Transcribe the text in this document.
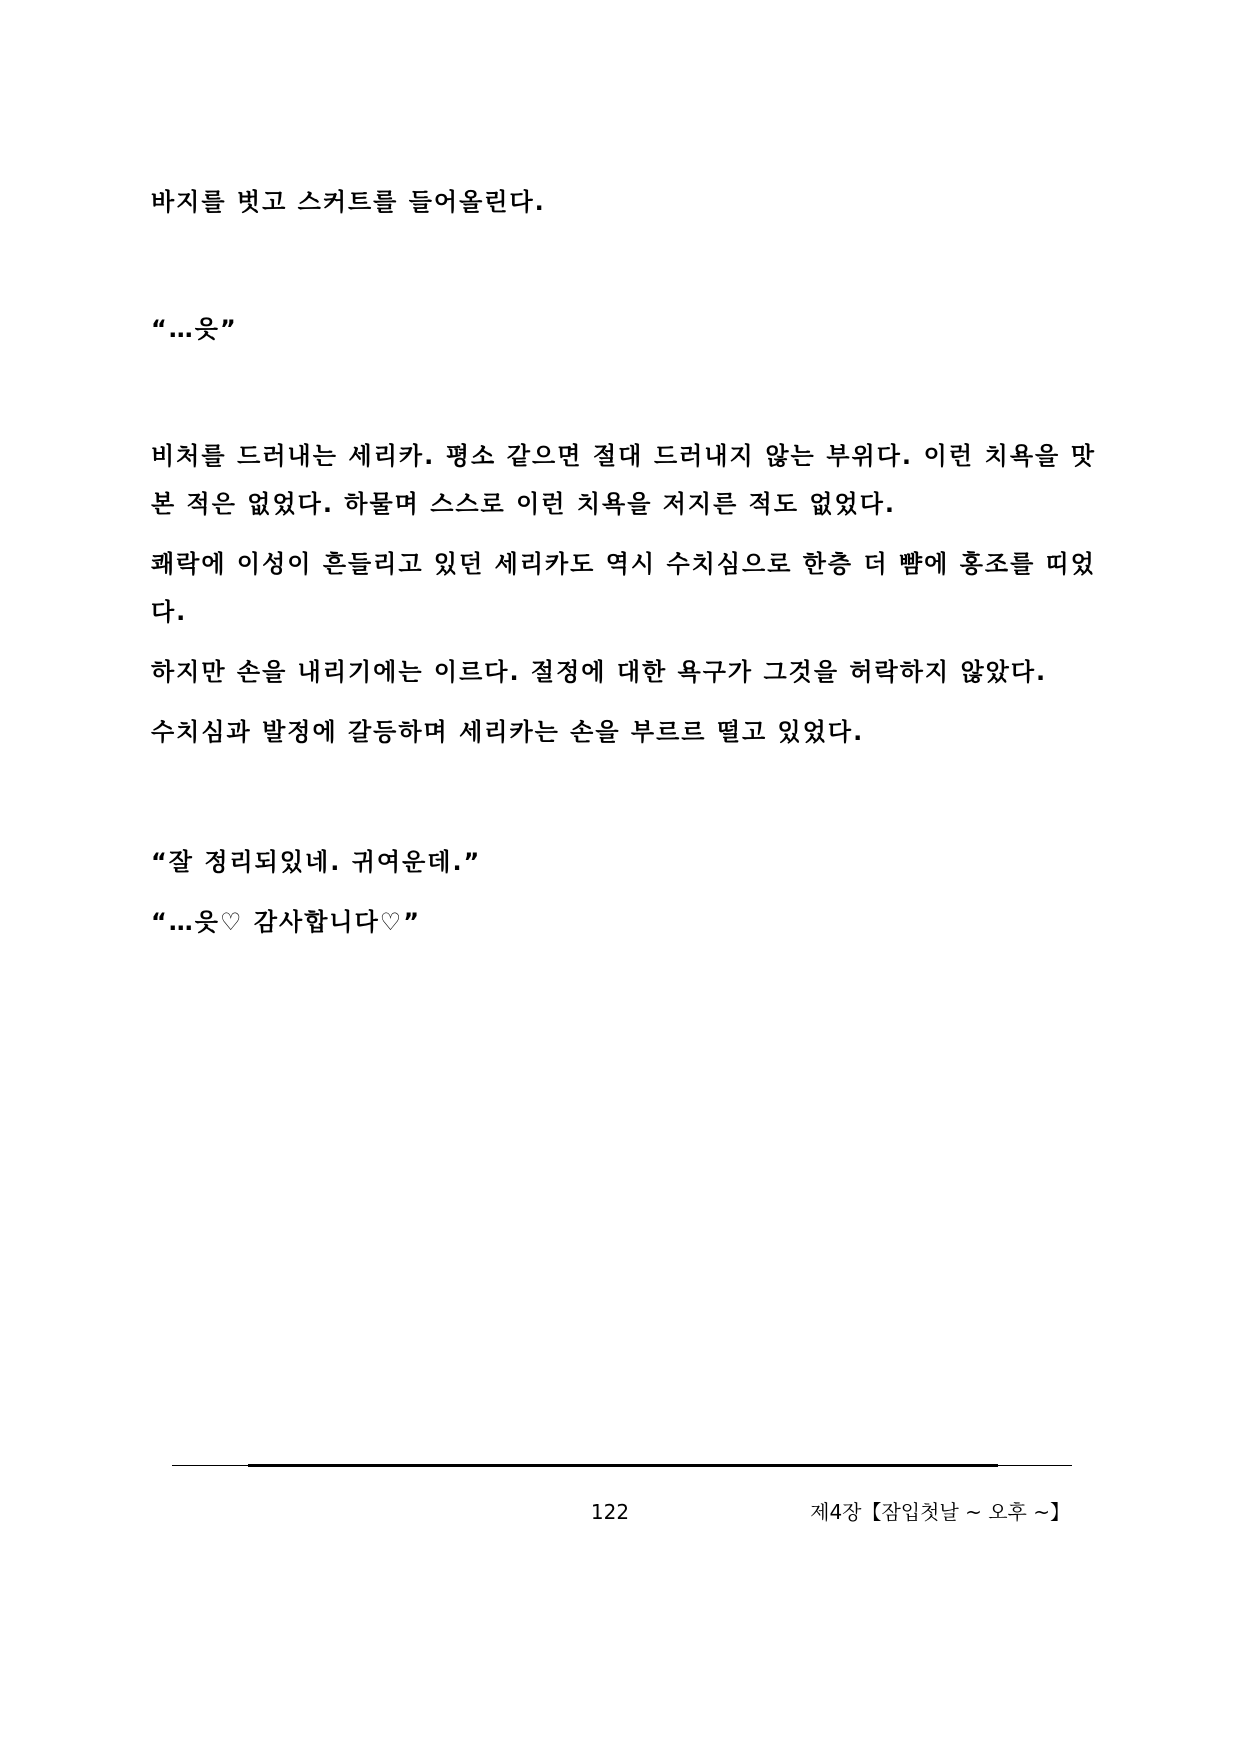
바지를 벗고 스커트를 들어올린다.

“…읏”

비처를 드러내는 세리카. 평소 같으면 절대 드러내지 않는 부위다. 이런 치욕을 맛본 적은 없었다. 하물며 스스로 이런 치욕을 저지른 적도 없었다.

쾌락에 이성이 흔들리고 있던 세리카도 역시 수치심으로 한층 더 뺨에 홍조를 띠었다.

하지만 손을 내리기에는 이르다. 절정에 대한 욕구가 그것을 허락하지 않았다.

수치심과 발정에 갈등하며 세리카는 손을 부르르 떨고 있었다.

“잘 정리되있네. 귀여운데.”

“…읏♡ 감사합니다♡”

122	제4장【잠입첫날 ~ 오후 ~】
